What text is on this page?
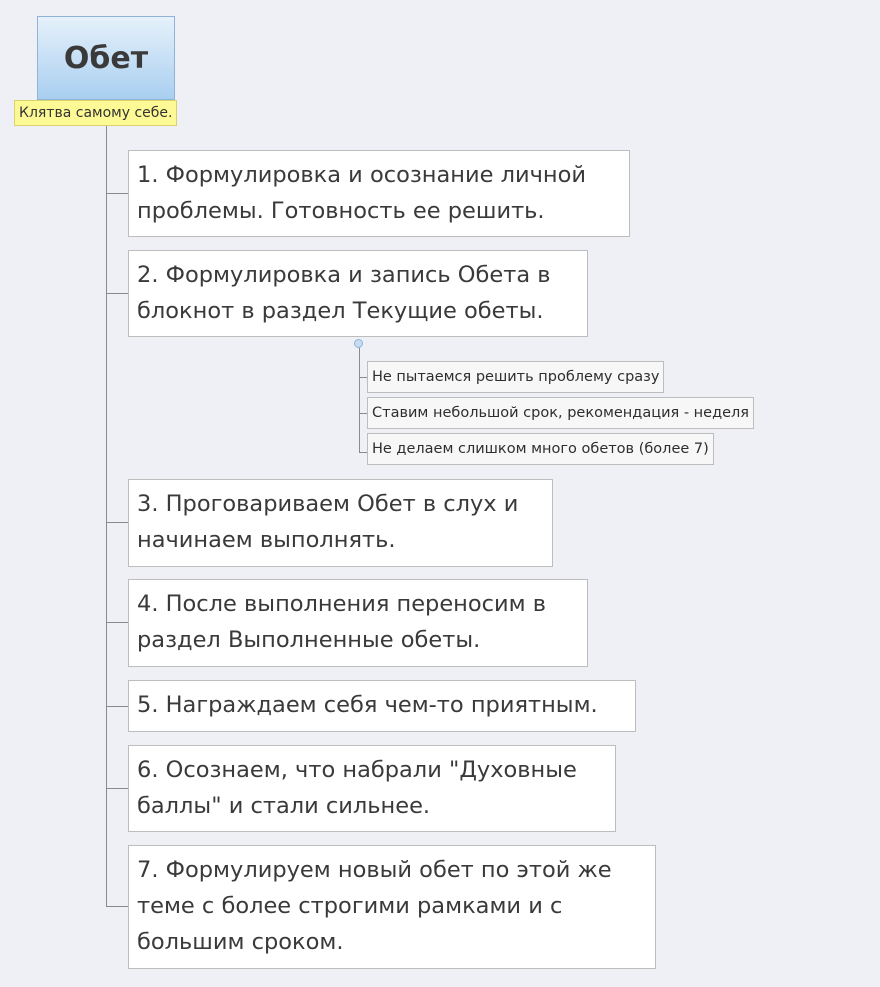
Обет
Клятва самому себе.
1. Формулировка и осознание личной
проблемы. Готовность ее решить.
2. Формулировка и запись Обета в
блокнот в раздел Текущие обеты.
3. Проговариваем Обет в слух и
начинаем выполнять.
4. После выполнения переносим в
раздел Выполненные обеты.
5. Награждаем себя чем-то приятным.
6. Осознаем, что набрали "Духовные
баллы" и стали сильнее.
7. Формулируем новый обет по этой же
теме с более строгими рамками и с
большим сроком.
Не пытаемся решить проблему сразу
Ставим небольшой срок, рекомендация - неделя
Не делаем слишком много обетов (более 7)
